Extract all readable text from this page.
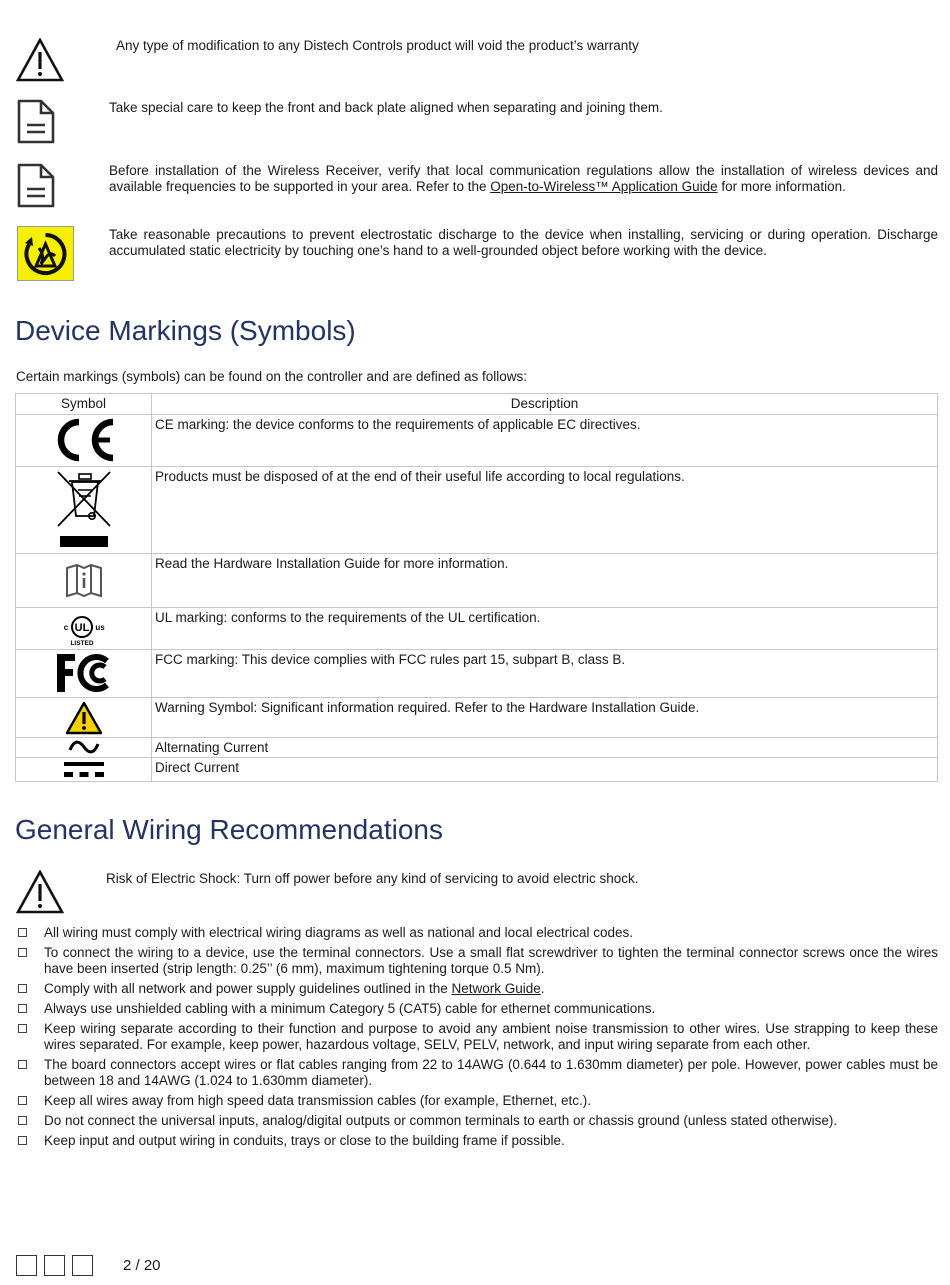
Any type of modification to any Distech Controls product will void the product’s warranty
Take special care to keep the front and back plate aligned when separating and joining them.
Before installation of the Wireless Receiver, verify that local communication regulations allow the installation of wireless devices and available frequencies to be supported in your area. Refer to the Open-to-Wireless™ Application Guide for more information.
Take reasonable precautions to prevent electrostatic discharge to the device when installing, servicing or during operation. Discharge accumulated static electricity by touching one’s hand to a well-grounded object before working with the device.
Device Markings (Symbols)

Certain markings (symbols) can be found on the controller and are defined as follows:

Symbol	Description

	CE marking: the device conforms to the requirements of applicable EC directives.

	Products must be disposed of at the end of their useful life according to local regulations.

	Read the Hardware Installation Guide for more information.

c UL us
LISTED	UL marking: conforms to the requirements of the UL certification.

	FCC marking: This device complies with FCC rules part 15, subpart B, class B.

	Warning Symbol: Significant information required. Refer to the Hardware Installation Guide.

	Alternating Current

	Direct Current
General Wiring Recommendations
Risk of Electric Shock: Turn off power before any kind of servicing to avoid electric shock.
All wiring must comply with electrical wiring diagrams as well as national and local electrical codes.
To connect the wiring to a device, use the terminal connectors. Use a small flat screwdriver to tighten the terminal connector screws once the wires have been inserted (strip length: 0.25’’ (6 mm), maximum tightening torque 0.5 Nm).
Comply with all network and power supply guidelines outlined in the Network Guide.
Always use unshielded cabling with a minimum Category 5 (CAT5) cable for ethernet communications.
Keep wiring separate according to their function and purpose to avoid any ambient noise transmission to other wires. Use strapping to keep these wires separated. For example, keep power, hazardous voltage, SELV, PELV, network, and input wiring separate from each other.
The board connectors accept wires or flat cables ranging from 22 to 14AWG (0.644 to 1.630mm diameter) per pole. However, power cables must be between 18 and 14AWG (1.024 to 1.630mm diameter).
Keep all wires away from high speed data transmission cables (for example, Ethernet, etc.).
Do not connect the universal inputs, analog/digital outputs or common terminals to earth or chassis ground (unless stated otherwise).
Keep input and output wiring in conduits, trays or close to the building frame if possible.
2 / 20
